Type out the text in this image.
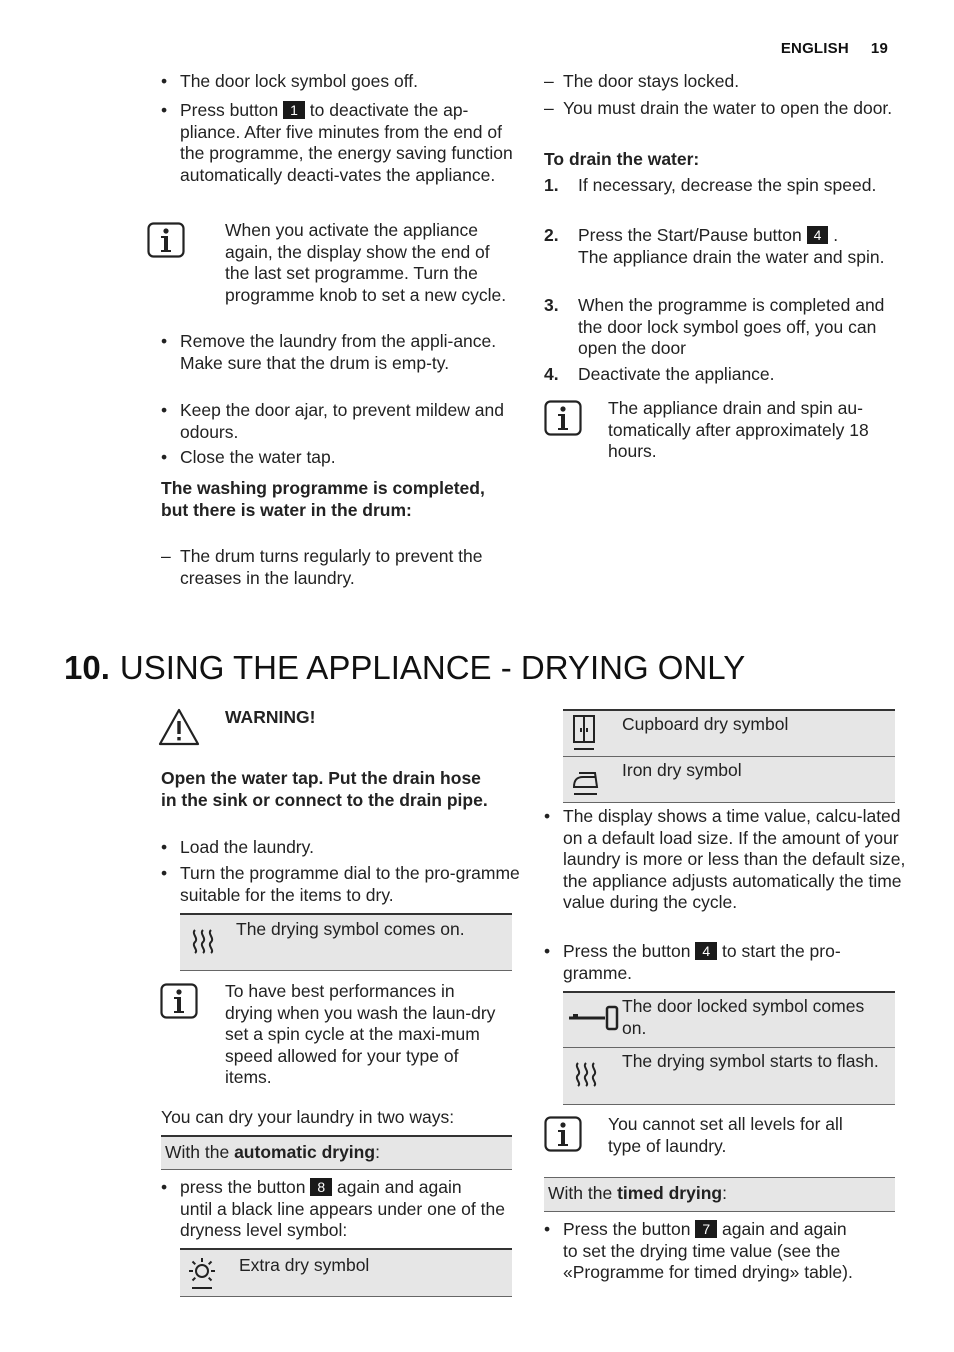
ENGLISH 19
• The door lock symbol goes off.
• Press button 1 to deactivate the ap-
pliance. After five minutes from the end of the programme, the energy saving function automatically deacti-vates the appliance.
When you activate the appliance again, the display show the end of the last set programme. Turn the programme knob to set a new cycle.
• Remove the laundry from the appli-ance. Make sure that the drum is emp-ty.
• Keep the door ajar, to prevent mildew and odours.
• Close the water tap.
The washing programme is completed, but there is water in the drum:
– The drum turns regularly to prevent the creases in the laundry.
– The door stays locked.
– You must drain the water to open the door.
To drain the water:
1. If necessary, decrease the spin speed.
2. Press the Start/Pause button 4 .
The appliance drain the water and spin.
3. When the programme is completed and the door lock symbol goes off, you can open the door
4. Deactivate the appliance.
The appliance drain and spin au-tomatically after approximately 18 hours.
10. USING THE APPLIANCE - DRYING ONLY
WARNING!
Open the water tap. Put the drain hose in the sink or connect to the drain pipe.
• Load the laundry.
• Turn the programme dial to the pro-gramme suitable for the items to dry.
The drying symbol comes on.
To have best performances in drying when you wash the laun-dry set a spin cycle at the maxi-mum speed allowed for your type of items.
You can dry your laundry in two ways:
With the automatic drying:
• press the button 8 again and again
until a black line appears under one of the dryness level symbol:
Extra dry symbol
Cupboard dry symbol
Iron dry symbol
• The display shows a time value, calcu-lated on a default load size. If the amount of your laundry is more or less than the default size, the appliance adjusts automatically the time value during the cycle.
• Press the button 4 to start the pro-
gramme.
The door locked symbol comes on.
The drying symbol starts to flash.
You cannot set all levels for all type of laundry.
With the timed drying:
• Press the button 7 again and again
to set the drying time value (see the «Programme for timed drying» table).
